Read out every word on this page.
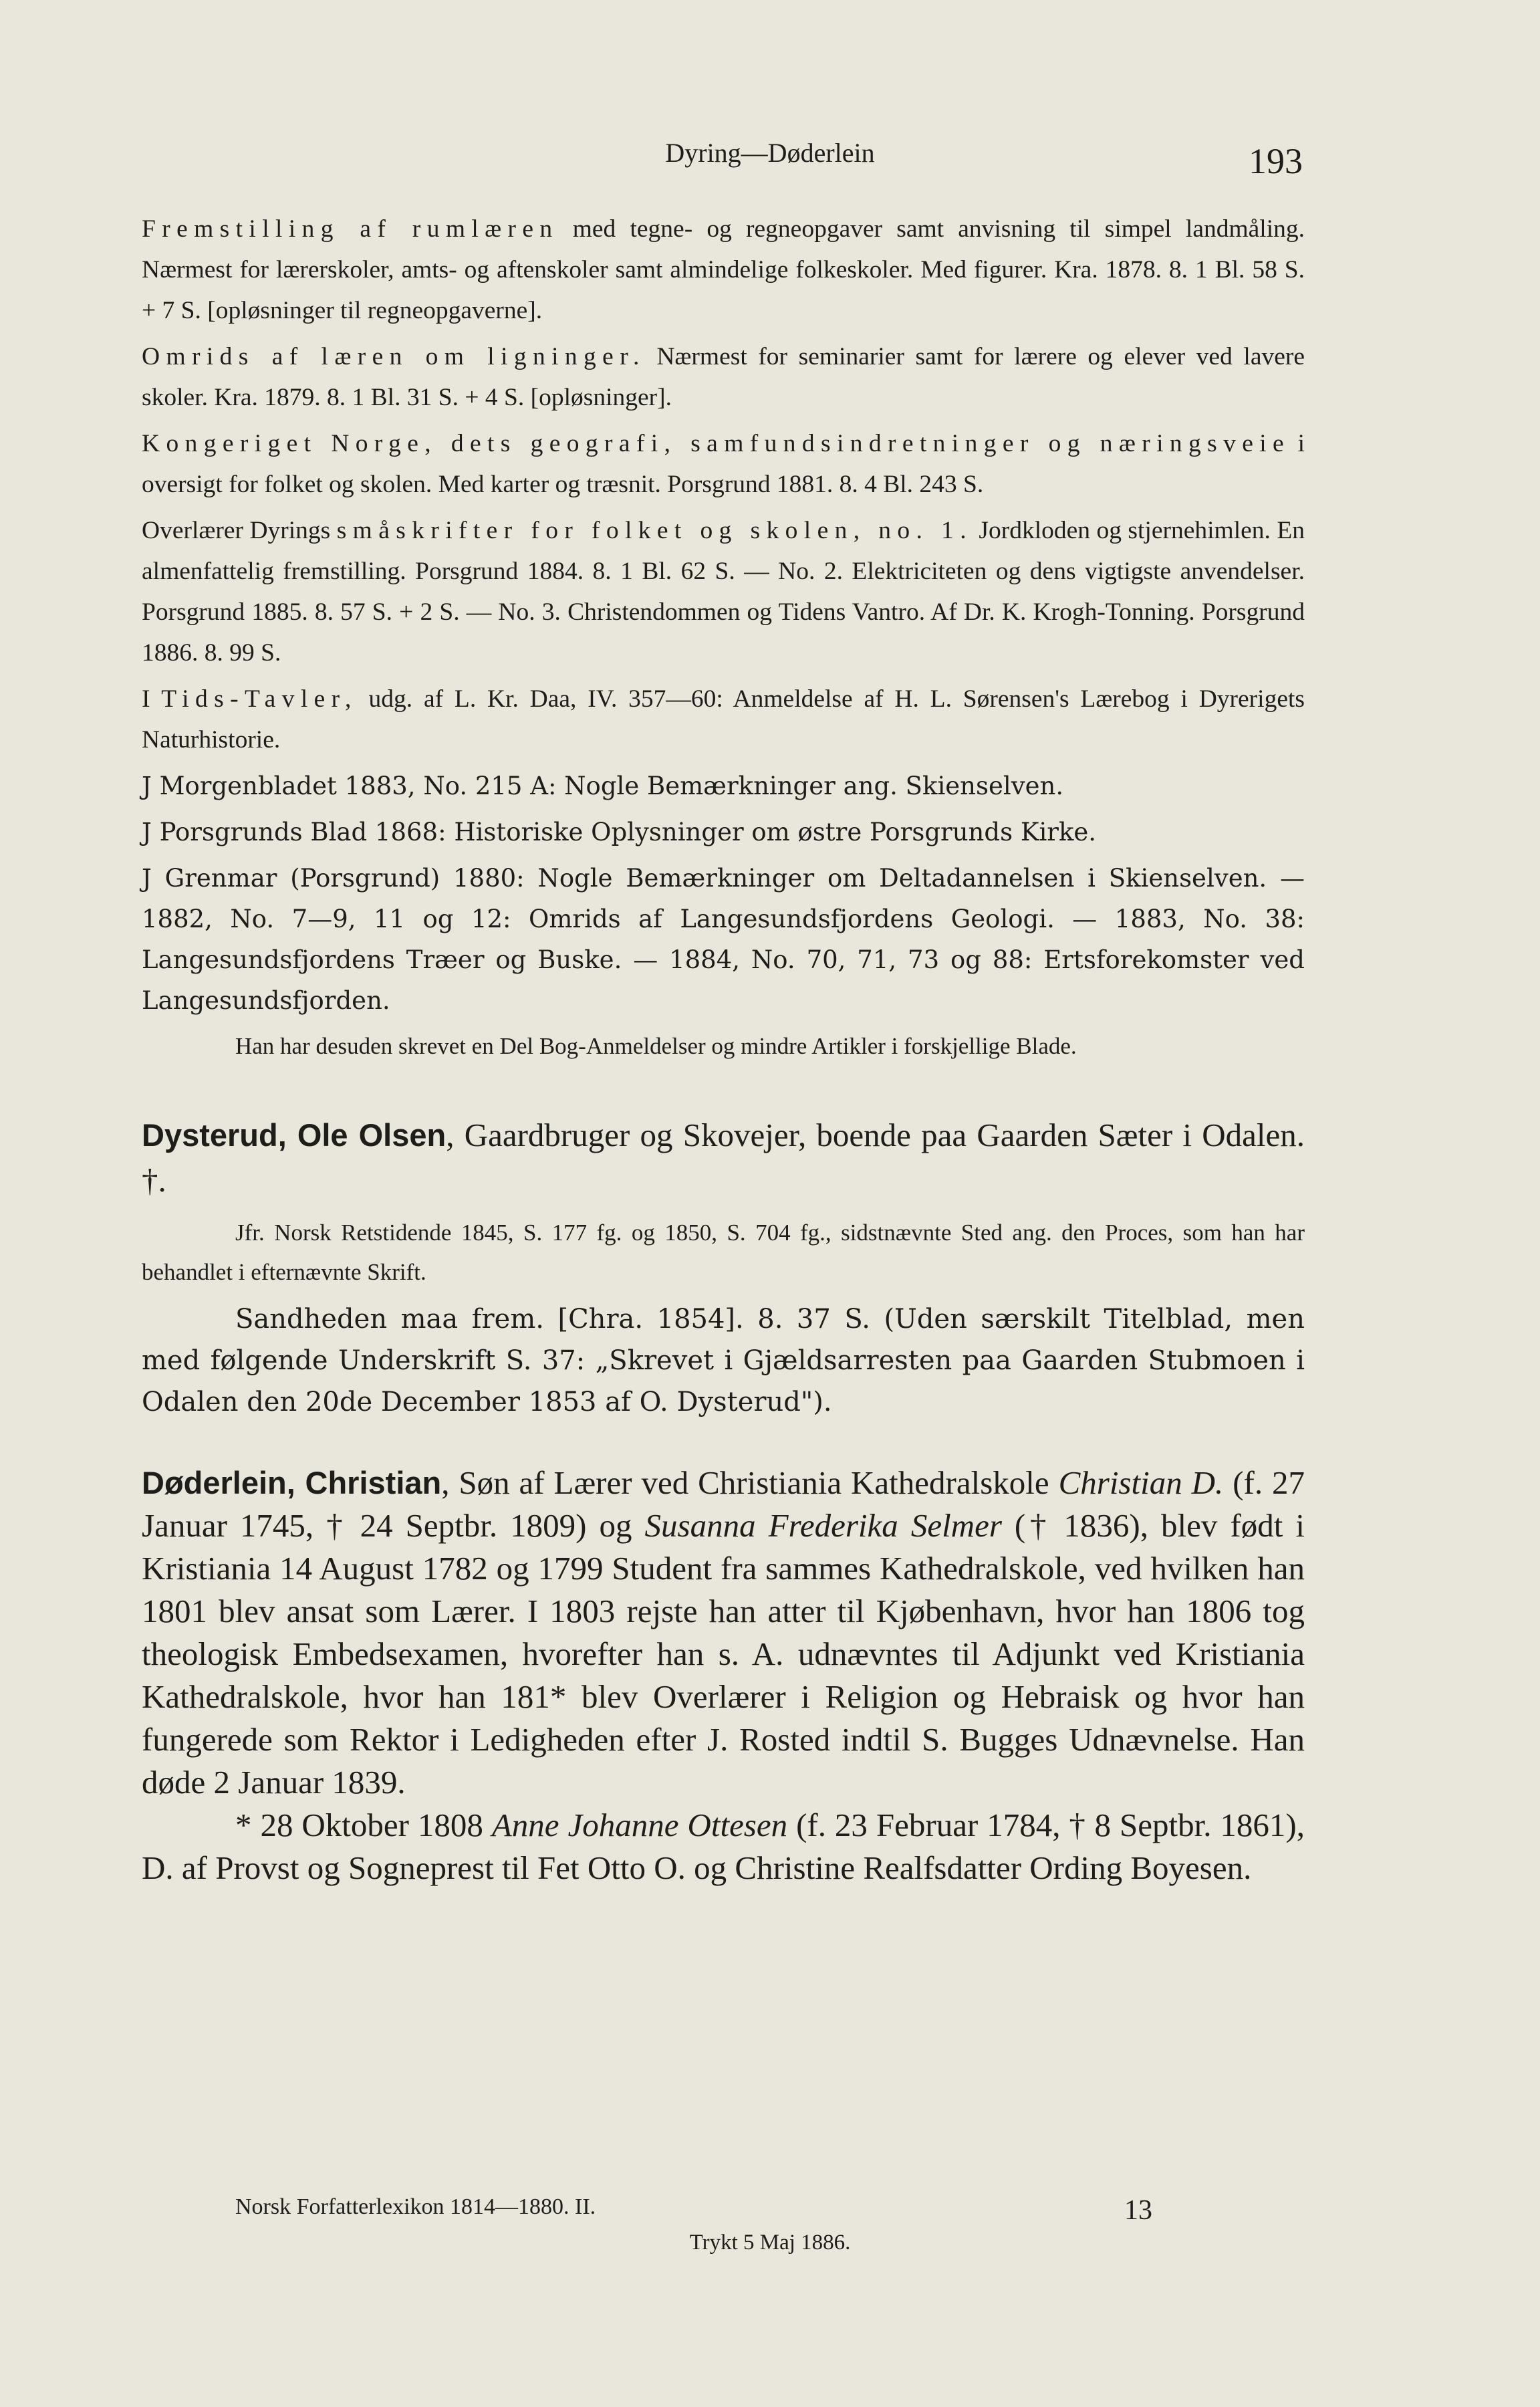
Dyring—Døderlein	193

Fremstilling af rumlæren med tegne- og regneopgaver samt anvisning til simpel landmåling. Nærmest for lærerskoler, amts- og aftenskoler samt almindelige folkeskoler. Med figurer. Kra. 1878. 8. 1 Bl. 58 S. + 7 S. [opløsninger til regneopgaverne].

Omrids af læren om ligninger. Nærmest for seminarier samt for lærere og elever ved lavere skoler. Kra. 1879. 8. 1 Bl. 31 S. + 4 S. [opløsninger].

Kongeriget Norge, dets geografi, samfundsindretninger og næringsveie i oversigt for folket og skolen. Med karter og træsnit. Porsgrund 1881. 8. 4 Bl. 243 S.

Overlærer Dyrings småskrifter for folket og skolen, no. 1. Jordkloden og stjernehimlen. En almenfattelig fremstilling. Porsgrund 1884. 8. 1 Bl. 62 S. — No. 2. Elektriciteten og dens vigtigste anvendelser. Porsgrund 1885. 8. 57 S. + 2 S. — No. 3. Christendommen og Tidens Vantro. Af Dr. K. Krogh-Tonning. Porsgrund 1886. 8. 99 S.

I Tids-Tavler, udg. af L. Kr. Daa, IV. 357—60: Anmeldelse af H. L. Sørensen's Lærebog i Dyrerigets Naturhistorie.

J Morgenbladet 1883, No. 215 A: Nogle Bemærkninger ang. Skienselven.

J Porsgrunds Blad 1868: Historiske Oplysninger om østre Porsgrunds Kirke.

J Grenmar (Porsgrund) 1880: Nogle Bemærkninger om Deltadannelsen i Skienselven. — 1882, No. 7—9, 11 og 12: Omrids af Langesundsfjordens Geologi. — 1883, No. 38: Langesundsfjordens Træer og Buske. — 1884, No. 70, 71, 73 og 88: Ertsforekomster ved Langesundsfjorden.

Han har desuden skrevet en Del Bog-Anmeldelser og mindre Artikler i forskjellige Blade.

Dysterud, Ole Olsen, Gaardbruger og Skovejer, boende paa Gaarden Sæter i Odalen. †.

Jfr. Norsk Retstidende 1845, S. 177 fg. og 1850, S. 704 fg., sidstnævnte Sted ang. den Proces, som han har behandlet i efternævnte Skrift.

Sandheden maa frem. [Chra. 1854]. 8. 37 S. (Uden særskilt Titelblad, men med følgende Underskrift S. 37: „Skrevet i Gjældsarresten paa Gaarden Stubmoen i Odalen den 20de December 1853 af O. Dysterud").

Døderlein, Christian, Søn af Lærer ved Christiania Kathedralskole Christian D. (f. 27 Januar 1745, † 24 Septbr. 1809) og Susanna Frederika Selmer († 1836), blev født i Kristiania 14 August 1782 og 1799 Student fra sammes Kathedralskole, ved hvilken han 1801 blev ansat som Lærer. I 1803 rejste han atter til Kjøbenhavn, hvor han 1806 tog theologisk Embedsexamen, hvorefter han s. A. udnævntes til Adjunkt ved Kristiania Kathedralskole, hvor han 181* blev Overlærer i Religion og Hebraisk og hvor han fungerede som Rektor i Ledigheden efter J. Rosted indtil S. Bugges Udnævnelse. Han døde 2 Januar 1839.

* 28 Oktober 1808 Anne Johanne Ottesen (f. 23 Februar 1784, † 8 Septbr. 1861), D. af Provst og Sogneprest til Fet Otto O. og Christine Realfsdatter Ording Boyesen.

Norsk Forfatterlexikon 1814—1880. II.	13
Trykt 5 Maj 1886.
